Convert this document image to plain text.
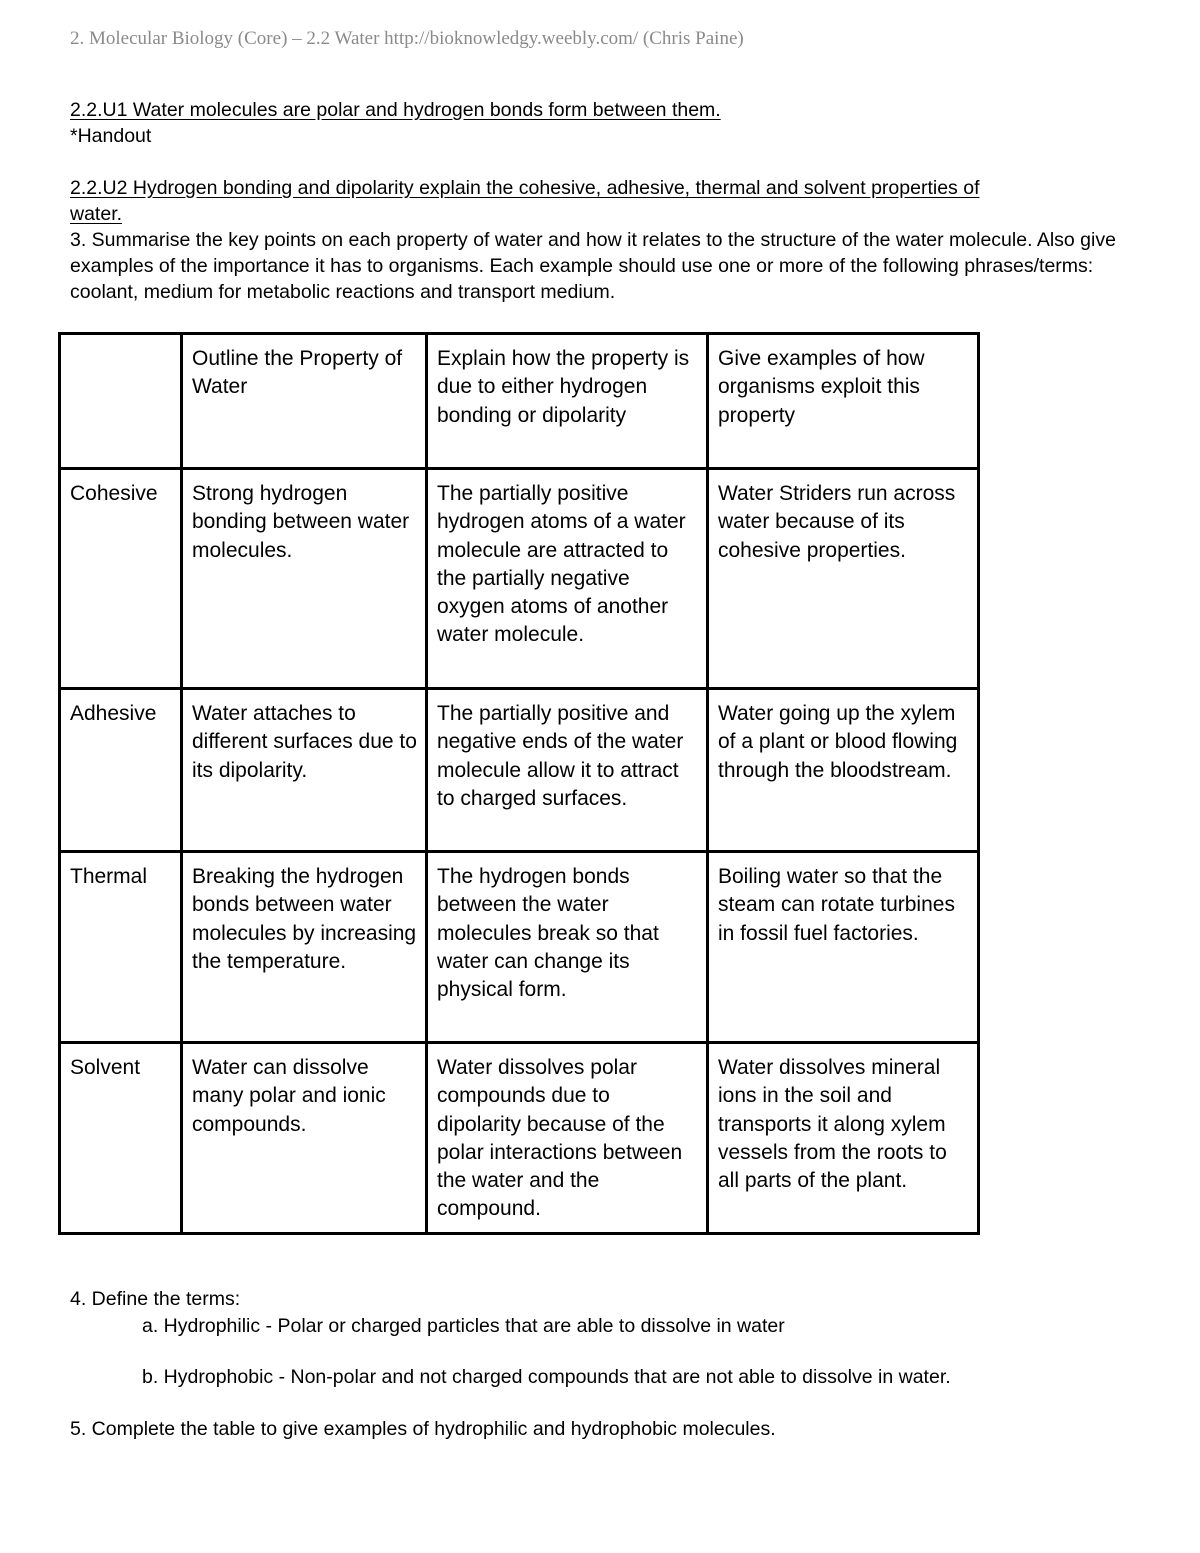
2. Molecular Biology (Core) – 2.2 Water http://bioknowledgy.weebly.com/ (Chris Paine)
2.2.U1 Water molecules are polar and hydrogen bonds form between them.
*Handout
2.2.U2 Hydrogen bonding and dipolarity explain the cohesive, adhesive, thermal and solvent properties of
water.
3. Summarise the key points on each property of water and how it relates to the structure of the water molecule. Also give examples of the importance it has to organisms. Each example should use one or more of the following phrases/terms: coolant, medium for metabolic reactions and transport medium.
	Outline the Property of Water	Explain how the property is due to either hydrogen bonding or dipolarity	Give examples of how organisms exploit this property
Cohesive	Strong hydrogen bonding between water molecules.	The partially positive hydrogen atoms of a water molecule are attracted to the partially negative oxygen atoms of another water molecule.	Water Striders run across water because of its cohesive properties.
Adhesive	Water attaches to different surfaces due to its dipolarity.	The partially positive and negative ends of the water molecule allow it to attract to charged surfaces.	Water going up the xylem of a plant or blood flowing through the bloodstream.
Thermal	Breaking the hydrogen bonds between water molecules by increasing the temperature.	The hydrogen bonds between the water molecules break so that water can change its physical form.	Boiling water so that the steam can rotate turbines in fossil fuel factories.
Solvent	Water can dissolve many polar and ionic compounds.	Water dissolves polar compounds due to dipolarity because of the polar interactions between the water and the compound.	Water dissolves mineral ions in the soil and transports it along xylem vessels from the roots to all parts of the plant.
4. Define the terms:
a. Hydrophilic - Polar or charged particles that are able to dissolve in water
b. Hydrophobic - Non-polar and not charged compounds that are not able to dissolve in water.
5. Complete the table to give examples of hydrophilic and hydrophobic molecules.
